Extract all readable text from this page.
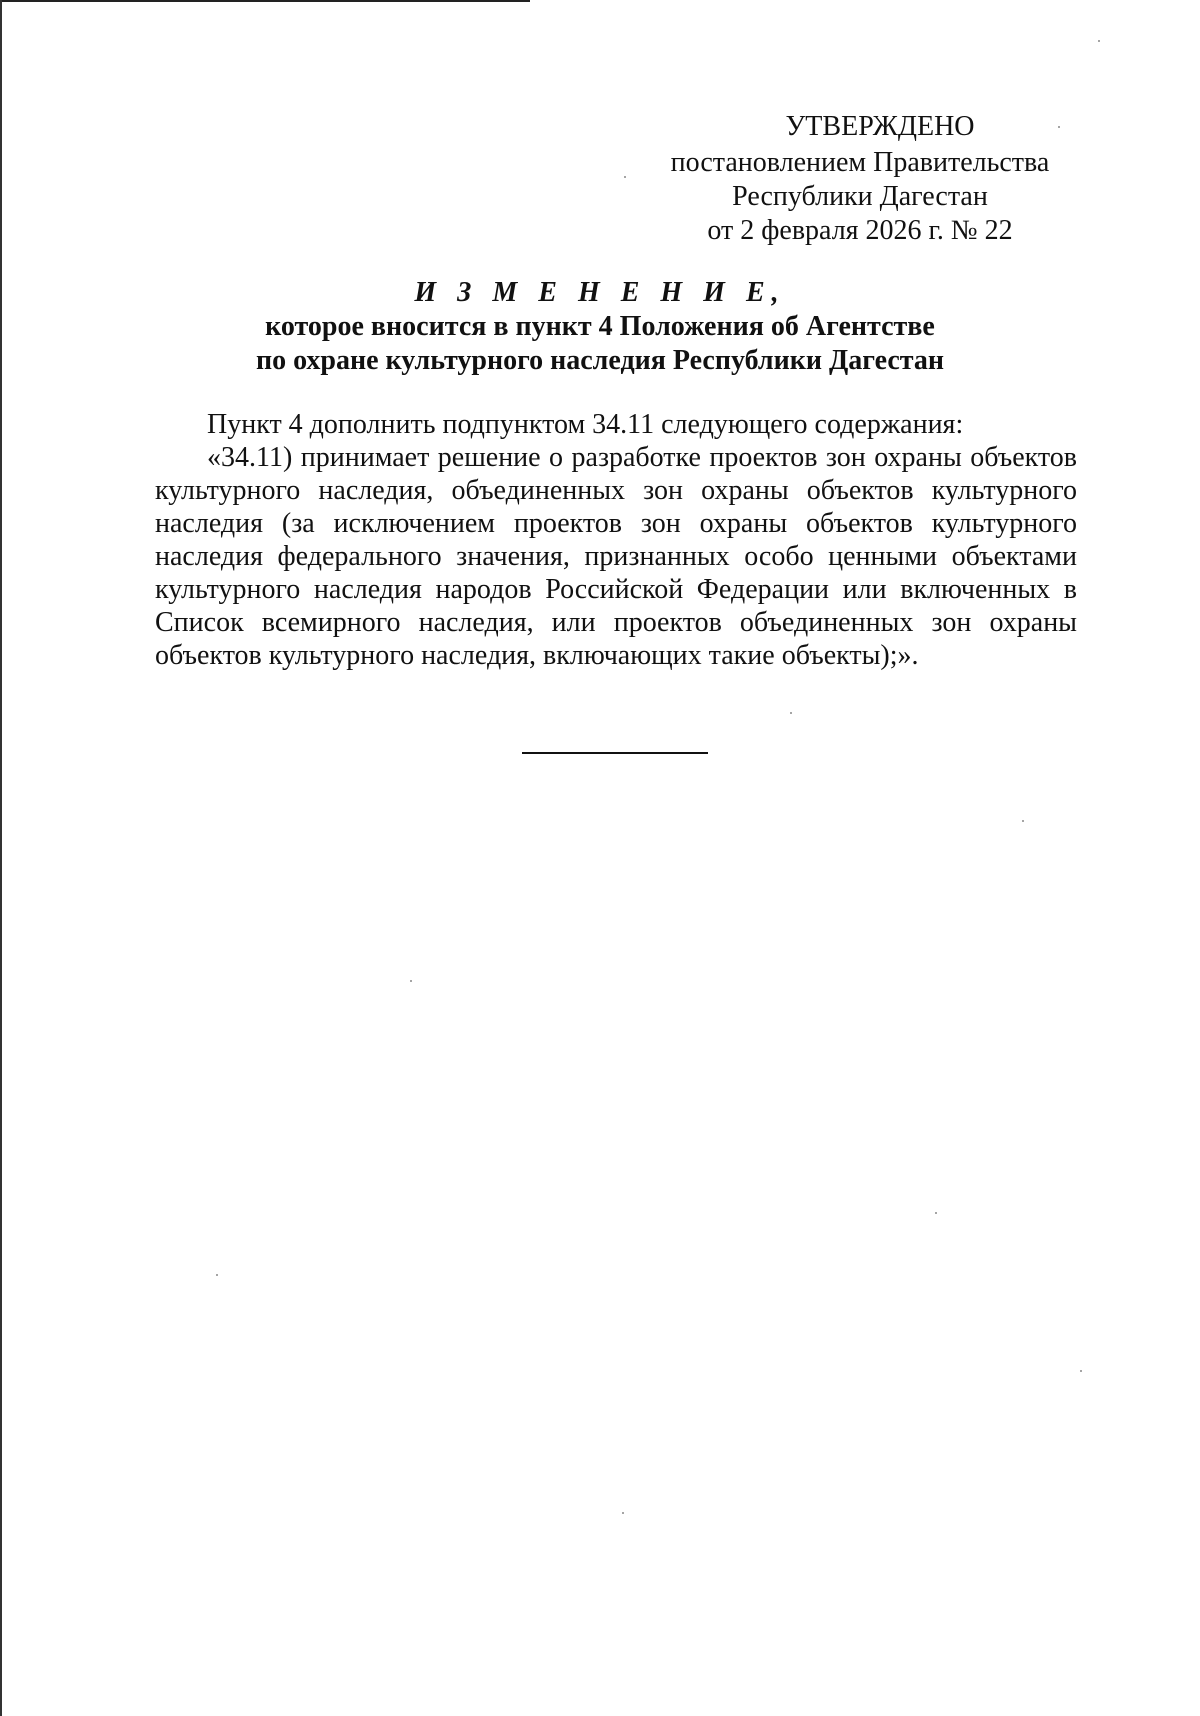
УТВЕРЖДЕНО
постановлением Правительства
Республики Дагестан
от 2 февраля 2026 г. № 22
И З М Е Н Е Н И Е,
которое вносится в пункт 4 Положения об Агентстве
по охране культурного наследия Республики Дагестан

Пункт 4 дополнить подпунктом 34.11 следующего содержания:

«34.11) принимает решение о разработке проектов зон охраны объектов культурного наследия, объединенных зон охраны объектов культурного наследия (за исключением проектов зон охраны объектов культурного наследия федерального значения, признанных особо ценными объектами культурного наследия народов Российской Федерации или включенных в Список всемирного наследия, или проектов объединенных зон охраны объектов культурного наследия, включающих такие объекты);».
